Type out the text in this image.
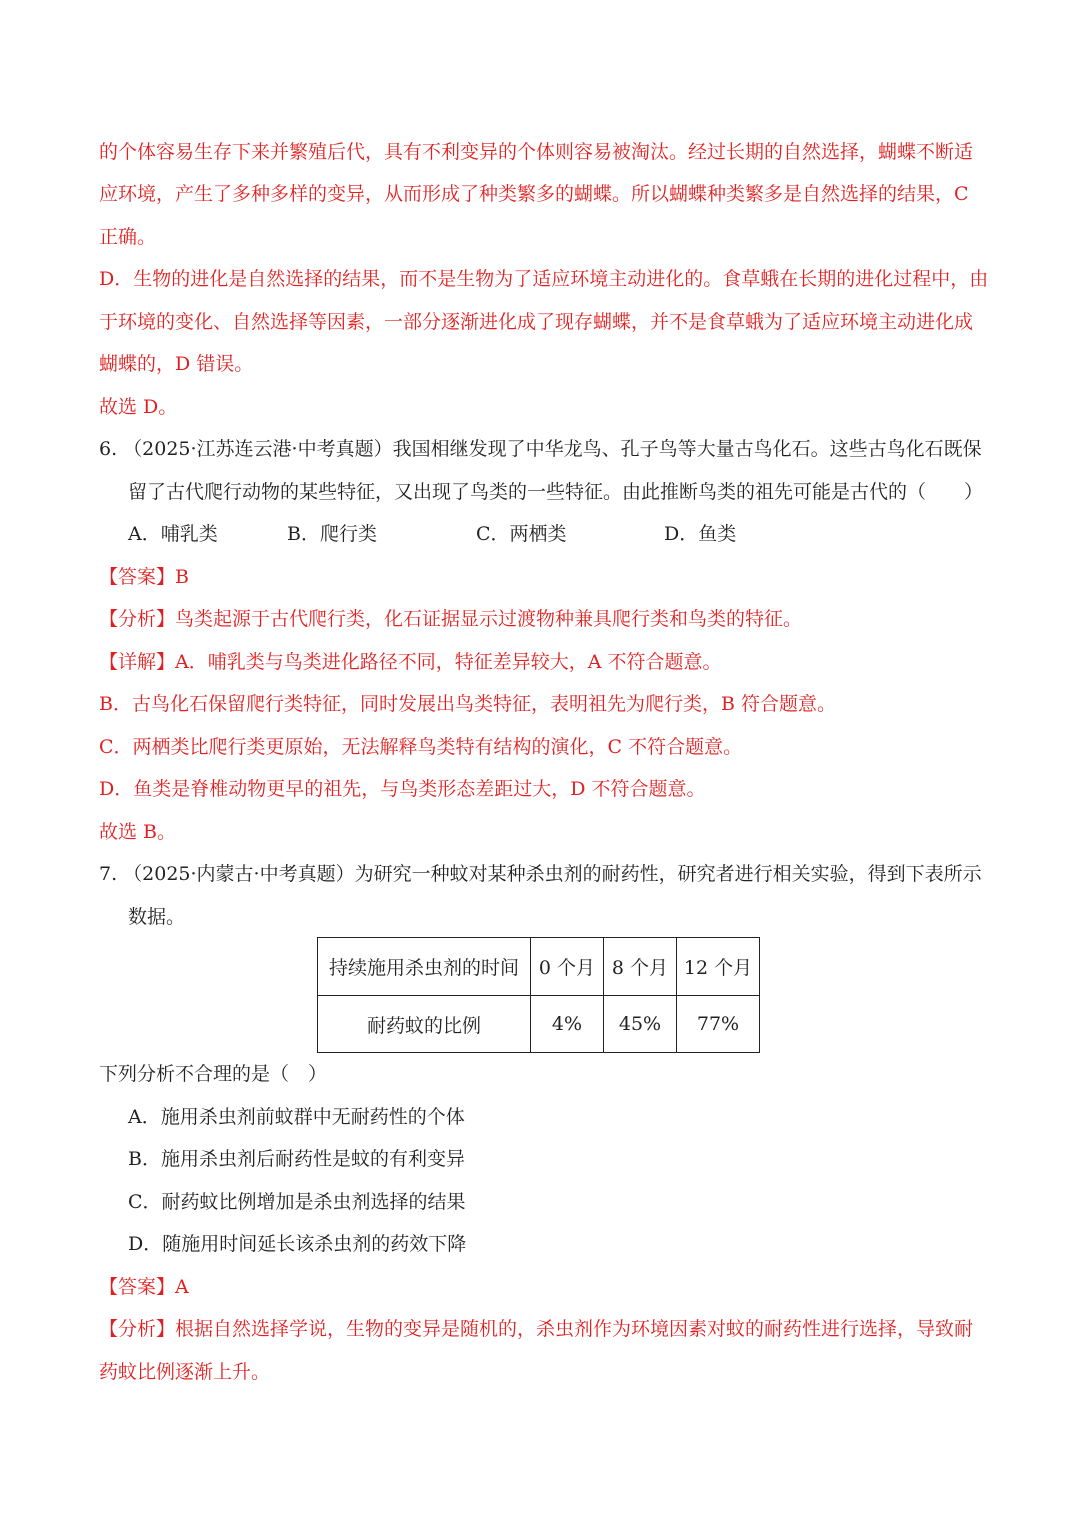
的个体容易生存下来并繁殖后代，具有不利变异的个体则容易被淘汰。经过长期的自然选择，蝴蝶不断适
应环境，产生了多种多样的变异，从而形成了种类繁多的蝴蝶。所以蝴蝶种类繁多是自然选择的结果，C
正确。
D．生物的进化是自然选择的结果，而不是生物为了适应环境主动进化的。食草蛾在长期的进化过程中，由
于环境的变化、自然选择等因素，一部分逐渐进化成了现存蝴蝶，并不是食草蛾为了适应环境主动进化成
蝴蝶的，D 错误。
故选 D。
6. （2025·江苏连云港·中考真题）我国相继发现了中华龙鸟、孔子鸟等大量古鸟化石。这些古鸟化石既保
留了古代爬行动物的某些特征，又出现了鸟类的一些特征。由此推断鸟类的祖先可能是古代的（　　）
A．哺乳类	B．爬行类	C．两栖类	D．鱼类
【答案】B
【分析】鸟类起源于古代爬行类，化石证据显示过渡物种兼具爬行类和鸟类的特征。
【详解】A．哺乳类与鸟类进化路径不同，特征差异较大，A 不符合题意。
B．古鸟化石保留爬行类特征，同时发展出鸟类特征，表明祖先为爬行类，B 符合题意。
C．两栖类比爬行类更原始，无法解释鸟类特有结构的演化，C 不符合题意。
D．鱼类是脊椎动物更早的祖先，与鸟类形态差距过大，D 不符合题意。
故选 B。
7. （2025·内蒙古·中考真题）为研究一种蚊对某种杀虫剂的耐药性，研究者进行相关实验，得到下表所示
数据。
持续施用杀虫剂的时间	0 个月	8 个月	12 个月
耐药蚊的比例	4%	45%	77%
下列分析不合理的是（　）
A．施用杀虫剂前蚊群中无耐药性的个体
B．施用杀虫剂后耐药性是蚊的有利变异
C．耐药蚊比例增加是杀虫剂选择的结果
D．随施用时间延长该杀虫剂的药效下降
【答案】A
【分析】根据自然选择学说，生物的变异是随机的，杀虫剂作为环境因素对蚊的耐药性进行选择，导致耐
药蚊比例逐渐上升。
